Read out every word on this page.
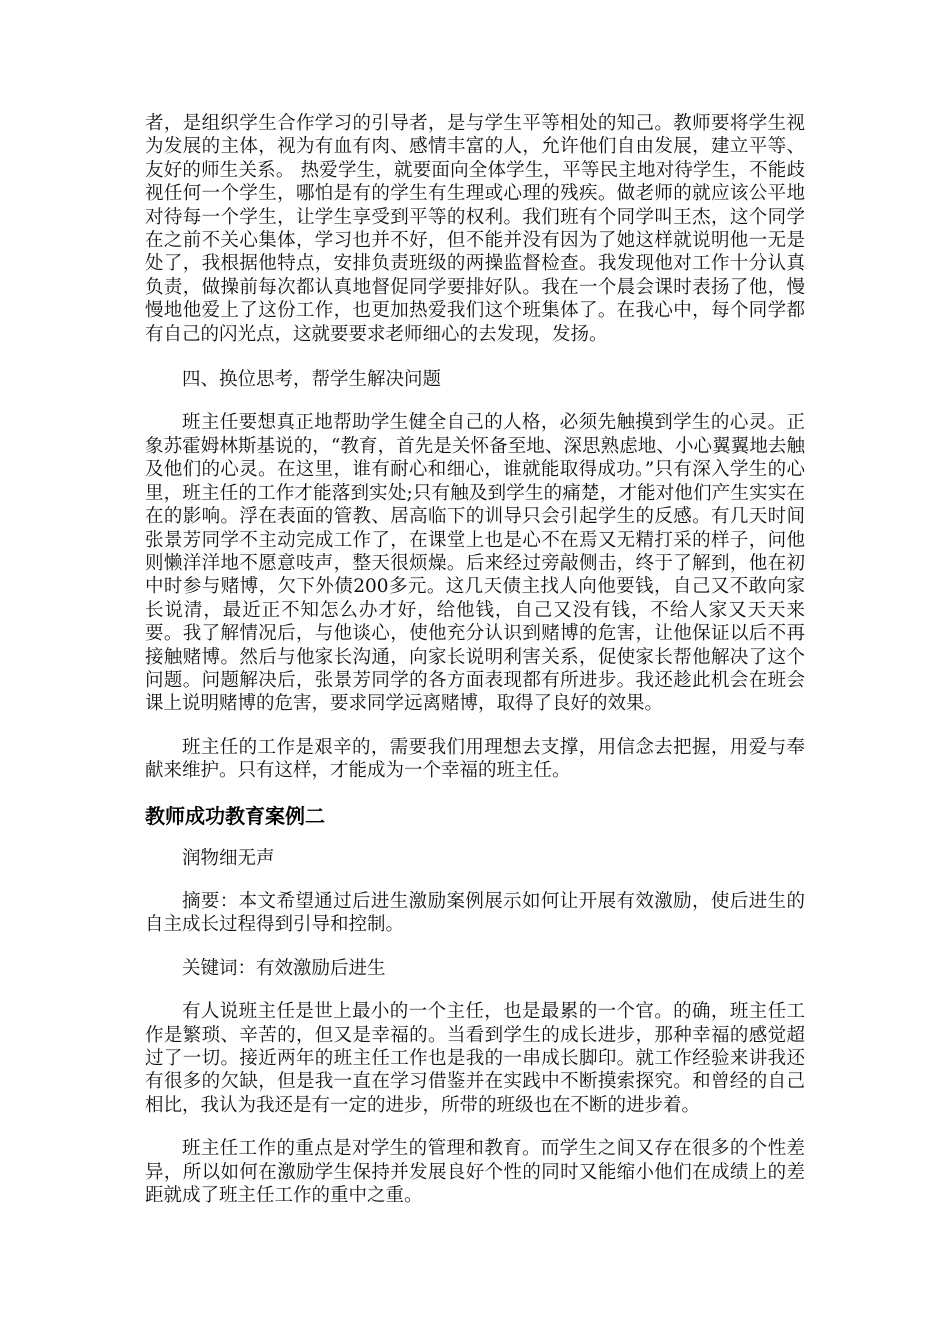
者，是组织学生合作学习的引导者，是与学生平等相处的知己。教师要将学生视为发展的主体，视为有血有肉、感情丰富的人，允许他们自由发展，建立平等、友好的师生关系。 热爱学生，就要面向全体学生，平等民主地对待学生，不能歧视任何一个学生，哪怕是有的学生有生理或心理的残疾。做老师的就应该公平地对待每一个学生，让学生享受到平等的权利。我们班有个同学叫王杰，这个同学在之前不关心集体，学习也并不好，但不能并没有因为了她这样就说明他一无是处了，我根据他特点，安排负责班级的两操监督检查。我发现他对工作十分认真负责，做操前每次都认真地督促同学要排好队。我在一个晨会课时表扬了他，慢慢地他爱上了这份工作，也更加热爱我们这个班集体了。在我心中，每个同学都有自己的闪光点，这就要要求老师细心的去发现，发扬。

四、换位思考，帮学生解决问题

班主任要想真正地帮助学生健全自己的人格，必须先触摸到学生的心灵。正象苏霍姆林斯基说的，“教育，首先是关怀备至地、深思熟虑地、小心翼翼地去触及他们的心灵。在这里，谁有耐心和细心，谁就能取得成功。”只有深入学生的心里，班主任的工作才能落到实处;只有触及到学生的痛楚，才能对他们产生实实在在的影响。浮在表面的管教、居高临下的训导只会引起学生的反感。有几天时间张景芳同学不主动完成工作了，在课堂上也是心不在焉又无精打采的样子，问他则懒洋洋地不愿意吱声，整天很烦燥。后来经过旁敲侧击，终于了解到，他在初中时参与赌博，欠下外债200多元。这几天债主找人向他要钱，自己又不敢向家长说清，最近正不知怎么办才好，给他钱，自己又没有钱，不给人家又天天来要。我了解情况后，与他谈心，使他充分认识到赌博的危害，让他保证以后不再接触赌博。然后与他家长沟通，向家长说明利害关系，促使家长帮他解决了这个问题。问题解决后，张景芳同学的各方面表现都有所进步。我还趁此机会在班会课上说明赌博的危害，要求同学远离赌博，取得了良好的效果。

班主任的工作是艰辛的，需要我们用理想去支撑，用信念去把握，用爱与奉献来维护。只有这样，才能成为一个幸福的班主任。

教师成功教育案例二

润物细无声

摘要：本文希望通过后进生激励案例展示如何让开展有效激励，使后进生的自主成长过程得到引导和控制。

关键词：有效激励后进生

有人说班主任是世上最小的一个主任，也是最累的一个官。的确，班主任工作是繁琐、辛苦的，但又是幸福的。当看到学生的成长进步，那种幸福的感觉超过了一切。接近两年的班主任工作也是我的一串成长脚印。就工作经验来讲我还有很多的欠缺，但是我一直在学习借鉴并在实践中不断摸索探究。和曾经的自己相比，我认为我还是有一定的进步，所带的班级也在不断的进步着。

班主任工作的重点是对学生的管理和教育。而学生之间又存在很多的个性差异，所以如何在激励学生保持并发展良好个性的同时又能缩小他们在成绩上的差距就成了班主任工作的重中之重。
